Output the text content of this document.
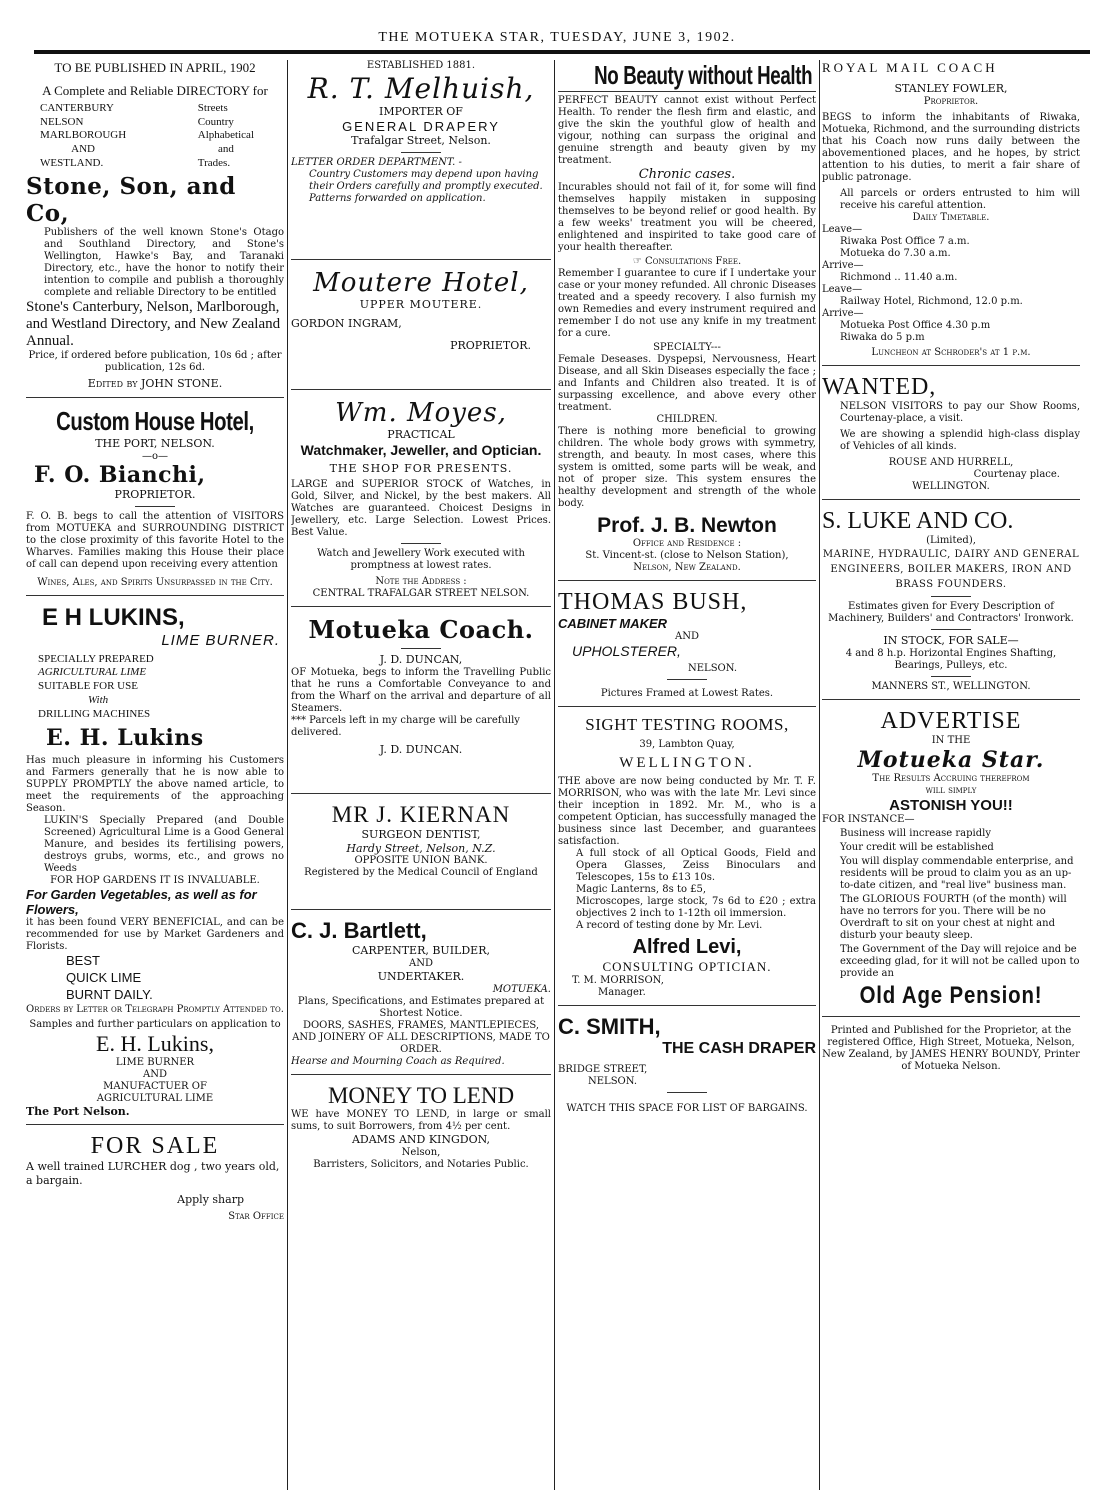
THE MOTUEKA STAR, TUESDAY, JUNE 3, 1902.
TO BE PUBLISHED IN APRIL, 1902
A Complete and Reliable DIRECTORY for
CANTERBURY
NELSON
MARLBOROUGH
AND
WESTLAND.
Streets
Country
Alphabetical
and
Trades.
Stone, Son, and Co,
Publishers of the well known Stone's Otago and Southland Directory, and Stone's Wellington, Hawke's Bay, and Taranaki Directory, etc., have the honor to notify their intention to compile and publish a thoroughly complete and reliable Directory to be entitled
Stone's Canterbury, Nelson, Marlborough, and Westland Directory, and New Zealand Annual.
Price, if ordered before publication, 10s 6d ; after publication, 12s 6d.
Edited by JOHN STONE.
Custom House Hotel,
THE PORT, NELSON.
—o—
F. O. Bianchi,
PROPRIETOR.
F. O. B. begs to call the attention of VISITORS from MOTUEKA and SURROUNDING DISTRICT to the close proximity of this favorite Hotel to the Wharves. Families making this House their place of call can depend upon receiving every attention
Wines, Ales, and Spirits Unsurpassed in the City.
E H LUKINS,
LIME BURNER.
SPECIALLY PREPARED
AGRICULTURAL LIME
SUITABLE FOR USE
With
DRILLING MACHINES
E. H. Lukins
Has much pleasure in informing his Customers and Farmers generally that he is now able to SUPPLY PROMPTLY the above named article, to meet the requirements of the approaching Season.
LUKIN'S Specially Prepared (and Double Screened) Agricultural Lime is a Good General Manure, and besides its fertilising powers, destroys grubs, worms, etc., and grows no Weeds
FOR HOP GARDENS IT IS INVALUABLE.
For Garden Vegetables, as well as for Flowers,
it has been found VERY BENEFICIAL, and can be recommended for use by Market Gardeners and Florists.
BEST
QUICK LIME
BURNT DAILY.
Orders by Letter or Telegraph Promptly Attended to.
Samples and further particulars on application to
E. H. Lukins,
LIME BURNER
AND
MANUFACTUER OF
AGRICULTURAL LIME
The Port Nelson.
FOR SALE
A well trained LURCHER dog , two years old, a bargain.
Apply sharp
Star Office
ESTABLISHED 1881.
R. T. Melhuish,
IMPORTER OF
GENERAL DRAPERY
Trafalgar Street, Nelson.
LETTER ORDER DEPARTMENT. -
Country Customers may depend upon having their Orders carefully and promptly executed. Patterns forwarded on application.
Moutere Hotel,
UPPER MOUTERE.
GORDON INGRAM,
PROPRIETOR.
Wm. Moyes,
PRACTICAL
Watchmaker, Jeweller, and Optician.
THE SHOP FOR PRESENTS.
LARGE and SUPERIOR STOCK of Watches, in Gold, Silver, and Nickel, by the best makers. All Watches are guaranteed. Choicest Designs in Jewellery, etc. Large Selection. Lowest Prices. Best Value.
Watch and Jewellery Work executed with promptness at lowest rates.
Note the Address :
CENTRAL TRAFALGAR STREET NELSON.
Motueka Coach.
J. D. DUNCAN,
OF Motueka, begs to inform the Travelling Public that he runs a Comfortable Conveyance to and from the Wharf on the arrival and departure of all Steamers.
*** Parcels left in my charge will be carefully delivered.
J. D. DUNCAN.
MR J. KIERNAN
SURGEON DENTIST,
Hardy Street, Nelson, N.Z.
OPPOSITE UNION BANK.
Registered by the Medical Council of England
C. J. Bartlett,
CARPENTER, BUILDER,
AND
UNDERTAKER.
MOTUEKA.
Plans, Specifications, and Estimates prepared at Shortest Notice.
DOORS, SASHES, FRAMES, MANTLEPIECES, AND JOINERY OF ALL DESCRIPTIONS, MADE TO ORDER.
Hearse and Mourning Coach as Required.
MONEY TO LEND
WE have MONEY TO LEND, in large or small sums, to suit Borrowers, from 4½ per cent.
ADAMS AND KINGDON,
Nelson,
Barristers, Solicitors, and Notaries Public.
No Beauty without Health
PERFECT BEAUTY cannot exist without Perfect Health. To render the flesh firm and elastic, and give the skin the youthful glow of health and vigour, nothing can surpass the original and genuine strength and beauty given by my treatment.
Chronic cases.
Incurables should not fail of it, for some will find themselves happily mistaken in supposing themselves to be beyond relief or good health. By a few weeks' treatment you will be cheered, enlightened and inspirited to take good care of your health thereafter.
☞ Consultations Free.
Remember I guarantee to cure if I undertake your case or your money refunded. All chronic Diseases treated and a speedy recovery. I also furnish my own Remedies and every instrument required and remember I do not use any knife in my treatment for a cure.
SPECIALTY---
Female Deseases. Dyspepsi, Nervousness, Heart Disease, and all Skin Diseases especially the face ; and Infants and Children also treated. It is of surpassing excellence, and above every other treatment.
CHILDREN.
There is nothing more beneficial to growing children. The whole body grows with symmetry, strength, and beauty. In most cases, where this system is omitted, some parts will be weak, and not of proper size. This system ensures the healthy development and strength of the whole body.
Prof. J. B. Newton
Office and Residence :
St. Vincent-st. (close to Nelson Station),
Nelson, New Zealand.
THOMAS BUSH,
CABINET MAKER
AND
UPHOLSTERER,
NELSON.
Pictures Framed at Lowest Rates.
SIGHT TESTING ROOMS,
39, Lambton Quay,
WELLINGTON.
THE above are now being conducted by Mr. T. F. MORRISON, who was with the late Mr. Levi since their inception in 1892. Mr. M., who is a competent Optician, has successfully managed the business since last December, and guarantees satisfaction.
A full stock of all Optical Goods, Field and Opera Glasses, Zeiss Binoculars and Telescopes, 15s to £13 10s.
Magic Lanterns, 8s to £5,
Microscopes, large stock, 7s 6d to £20 ; extra objectives 2 inch to 1-12th oil immersion.
A record of testing done by Mr. Levi.
Alfred Levi,
CONSULTING OPTICIAN.
T. M. MORRISON,
Manager.
C. SMITH,
THE CASH DRAPER
BRIDGE STREET,
NELSON.
WATCH THIS SPACE FOR LIST OF BARGAINS.
ROYAL MAIL COACH
STANLEY FOWLER,
Proprietor.
BEGS to inform the inhabitants of Riwaka, Motueka, Richmond, and the surrounding districts that his Coach now runs daily between the abovementioned places, and he hopes, by strict attention to his duties, to merit a fair share of public patronage.
All parcels or orders entrusted to him will receive his careful attention.
Daily Timetable.
Leave—
Riwaka Post Office 7 a.m.
Motueka do 7.30 a.m.
Arrive—
Richmond .. 11.40 a.m.
Leave—
Railway Hotel, Richmond, 12.0 p.m.
Arrive—
Motueka Post Office 4.30 p.m
Riwaka do 5 p.m
Luncheon at Schroder's at 1 p.m.
WANTED,
NELSON VISITORS to pay our Show Rooms, Courtenay-place, a visit.
We are showing a splendid high-class display of Vehicles of all kinds.
ROUSE AND HURRELL,
Courtenay place.
WELLINGTON.
S. LUKE AND CO.
(Limited),
MARINE, HYDRAULIC, DAIRY AND GENERAL ENGINEERS, BOILER MAKERS, IRON AND BRASS FOUNDERS.
Estimates given for Every Description of Machinery, Builders' and Contractors' Ironwork.
IN STOCK, FOR SALE—
4 and 8 h.p. Horizontal Engines Shafting, Bearings, Pulleys, etc.
MANNERS ST., WELLINGTON.
ADVERTISE
IN THE
Motueka Star.
The Results Accruing therefrom
will simply
ASTONISH YOU!!
FOR INSTANCE—
Business will increase rapidly
Your credit will be established
You will display commendable enterprise, and residents will be proud to claim you as an up-to-date citizen, and "real live" business man.
The GLORIOUS FOURTH (of the month) will have no terrors for you. There will be no Overdraft to sit on your chest at night and disturb your beauty sleep.
The Government of the Day will rejoice and be exceeding glad, for it will not be called upon to provide an
Old Age Pension!
Printed and Published for the Proprietor, at the registered Office, High Street, Motueka, Nelson, New Zealand, by JAMES HENRY BOUNDY, Printer of Motueka Nelson.
